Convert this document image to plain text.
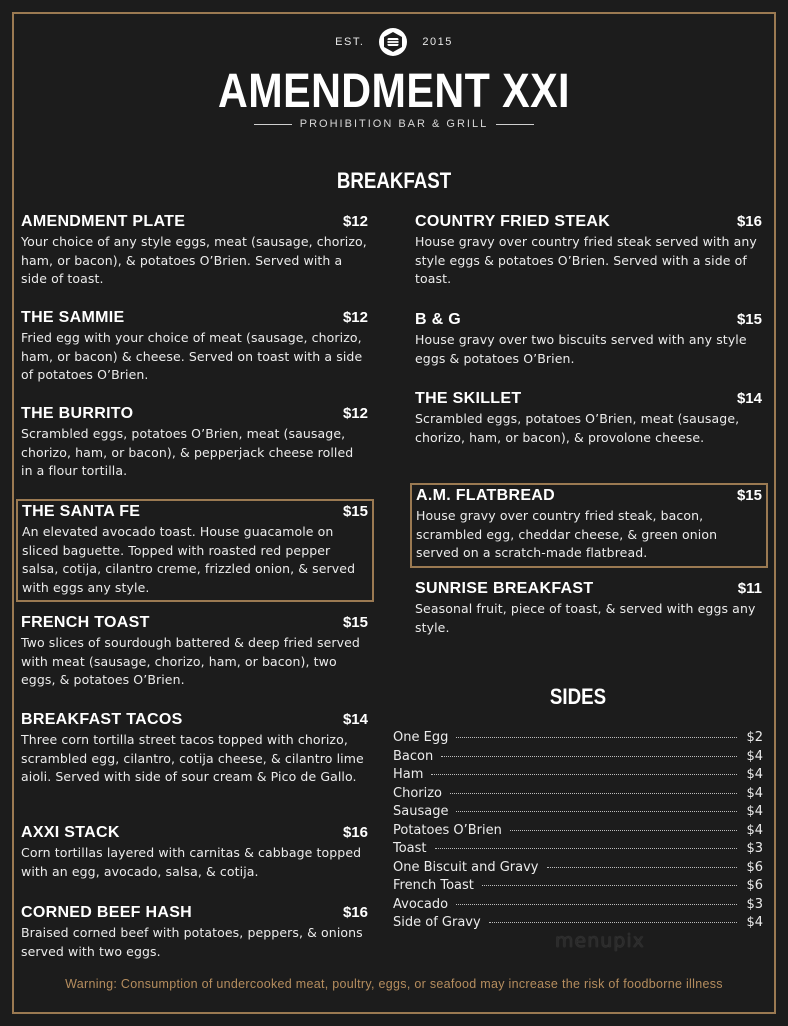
EST.	2015
AMENDMENT XXI
PROHIBITION BAR & GRILL
BREAKFAST
AMENDMENT PLATE	$12
Your choice of any style eggs, meat (sausage, chorizo, ham, or bacon), & potatoes O’Brien. Served with a side of toast.
THE SAMMIE	$12
Fried egg with your choice of meat (sausage, chorizo, ham, or bacon) & cheese. Served on toast with a side of potatoes O’Brien.
THE BURRITO	$12
Scrambled eggs, potatoes O’Brien, meat (sausage, chorizo, ham, or bacon), & pepperjack cheese rolled in a flour tortilla.
THE SANTA FE	$15
An elevated avocado toast. House guacamole on sliced baguette. Topped with roasted red pepper salsa, cotija, cilantro creme, frizzled onion, & served with eggs any style.
FRENCH TOAST	$15
Two slices of sourdough battered & deep fried served with meat (sausage, chorizo, ham, or bacon), two eggs, & potatoes O’Brien.
BREAKFAST TACOS	$14
Three corn tortilla street tacos topped with chorizo, scrambled egg, cilantro, cotija cheese, & cilantro lime aioli. Served with side of sour cream & Pico de Gallo.
AXXI STACK	$16
Corn tortillas layered with carnitas & cabbage topped with an egg, avocado, salsa, & cotija.
CORNED BEEF HASH	$16
Braised corned beef with potatoes, peppers, & onions served with two eggs.
COUNTRY FRIED STEAK	$16
House gravy over country fried steak served with any style eggs & potatoes O’Brien. Served with a side of toast.
B & G	$15
House gravy over two biscuits served with any style eggs & potatoes O’Brien.
THE SKILLET	$14
Scrambled eggs, potatoes O’Brien, meat (sausage, chorizo, ham, or bacon), & provolone cheese.
A.M. FLATBREAD	$15
House gravy over country fried steak, bacon, scrambled egg, cheddar cheese, & green onion served on a scratch-made flatbread.
SUNRISE BREAKFAST	$11
Seasonal fruit, piece of toast, & served with eggs any style.
SIDES
One Egg	$2
Bacon	$4
Ham	$4
Chorizo	$4
Sausage	$4
Potatoes O’Brien	$4
Toast	$3
One Biscuit and Gravy	$6
French Toast	$6
Avocado	$3
Side of Gravy	$4
menupix
Warning: Consumption of undercooked meat, poultry, eggs, or seafood may increase the risk of foodborne illness
